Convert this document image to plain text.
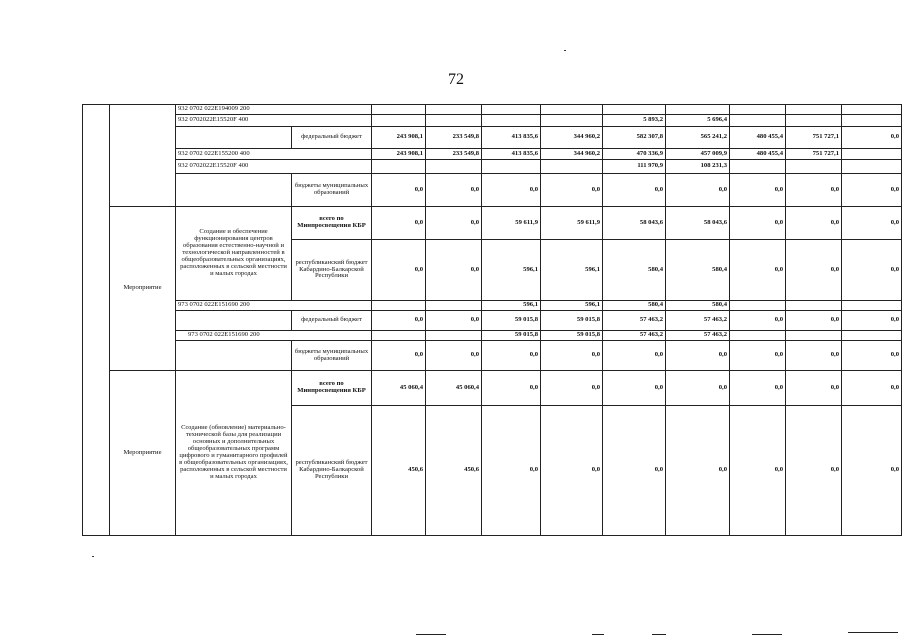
72
		932 0702 022E194009 200										
		932 0702022E15520F 400						5 893,2	5 696,4			
			федеральный бюджет	243 908,1	233 549,8	413 835,6	344 960,2	582 307,8	565 241,2	480 455,4	751 727,1	0,0
		932 0702 022E155200 400		243 908,1	233 549,8	413 835,6	344 960,2	470 336,9	457 009,9	480 455,4	751 727,1	
		932 0702022E15520F 400						111 970,9	108 231,3			
			бюджеты муниципальных образований	0,0	0,0	0,0	0,0	0,0	0,0	0,0	0,0	0,0
	Мероприятие	Создание и обеспечение функционирования центров образования естественно-научной и технологической направленностей в общеобразовательных организациях, расположенных в сельской местности и малых городах	всего по Минпросвещения КБР	0,0	0,0	59 611,9	59 611,9	58 043,6	58 043,6	0,0	0,0	0,0
			республиканский бюджет Кабардино-Балкарской Республики	0,0	0,0	596,1	596,1	580,4	580,4	0,0	0,0	0,0
		973 0702 022E151690 200				596,1	596,1	580,4	580,4			
			федеральный бюджет	0,0	0,0	59 015,8	59 015,8	57 463,2	57 463,2	0,0	0,0	0,0
		973 0702 022E151690 200				59 015,8	59 015,8	57 463,2	57 463,2			
			бюджеты муниципальных образований	0,0	0,0	0,0	0,0	0,0	0,0	0,0	0,0	0,0
	Мероприятие	Создание (обновление) материально-технической базы для реализации основных и дополнительных общеобразовательных программ цифрового и гуманитарного профилей в общеобразовательных организациях, расположенных в сельской местности и малых городах	всего по Минпросвещения КБР	45 060,4	45 060,4	0,0	0,0	0,0	0,0	0,0	0,0	0,0
			республиканский бюджет Кабардино-Балкарской Республики	450,6	450,6	0,0	0,0	0,0	0,0	0,0	0,0	0,0
